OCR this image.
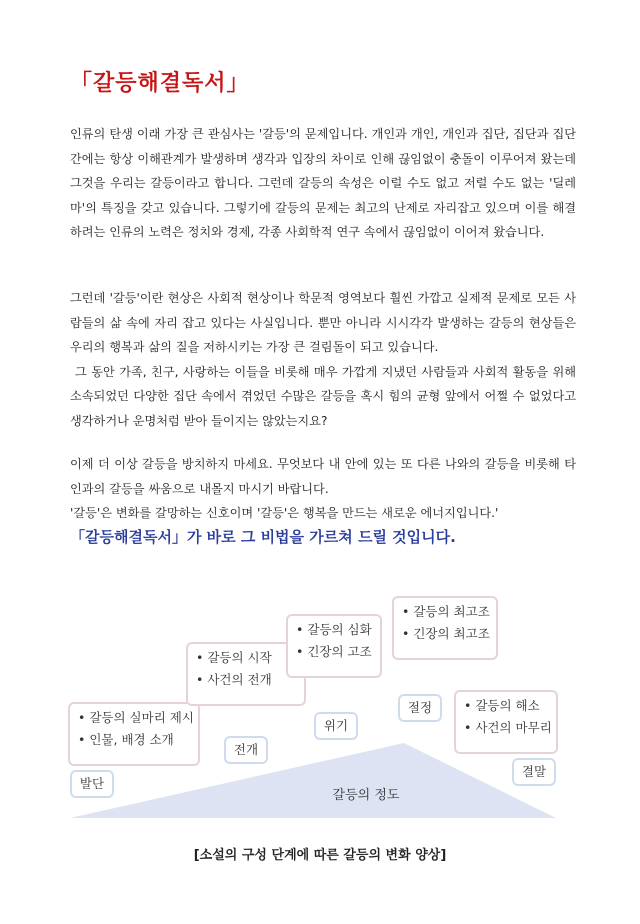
「갈등해결독서」

인류의 탄생 이래 가장 큰 관심사는 '갈등'의 문제입니다. 개인과 개인, 개인과 집단, 집단과 집단 간에는 항상 이해관계가 발생하며 생각과 입장의 차이로 인해 끊임없이 충돌이 이루어져 왔는데 그것을 우리는 갈등이라고 합니다. 그런데 갈등의 속성은 이럴 수도 없고 저럴 수도 없는 '딜레마'의 특징을 갖고 있습니다. 그렇기에 갈등의 문제는 최고의 난제로 자리잡고 있으며 이를 해결하려는 인류의 노력은 정치와 경제, 각종 사회학적 연구 속에서 끊임없이 이어져 왔습니다.

그런데 '갈등'이란 현상은 사회적 현상이나 학문적 영역보다 훨씬 가깝고 실제적 문제로 모든 사람들의 삶 속에 자리 잡고 있다는 사실입니다. 뿐만 아니라 시시각각 발생하는 갈등의 현상들은 우리의 행복과 삶의 질을 저하시키는 가장 큰 걸림돌이 되고 있습니다.

그 동안 가족, 친구, 사랑하는 이들을 비롯해 매우 가깝게 지냈던 사람들과 사회적 활동을 위해 소속되었던 다양한 집단 속에서 겪었던 수많은 갈등을 혹시 힘의 균형 앞에서 어쩔 수 없었다고 생각하거나 운명처럼 받아 들이지는 않았는지요?

이제 더 이상 갈등을 방치하지 마세요. 무엇보다 내 안에 있는 또 다른 나와의 갈등을 비롯해 타인과의 갈등을 싸움으로 내몰지 마시기 바랍니다.

'갈등'은 변화를 갈망하는 신호이며 '갈등'은 행복을 만드는 새로운 에너지입니다.'

「갈등해결독서」가 바로 그 비법을 가르쳐 드릴 것입니다.

갈등의 정도
• 갈등의 실마리 제시
• 인물, 배경 소개
발단
• 갈등의 시작
• 사건의 전개
전개
• 갈등의 심화
• 긴장의 고조
위기
• 갈등의 최고조
• 긴장의 최고조
절정	• 갈등의 해소
• 사건의 마무리
결말

[소설의 구성 단계에 따른 갈등의 변화 양상]
